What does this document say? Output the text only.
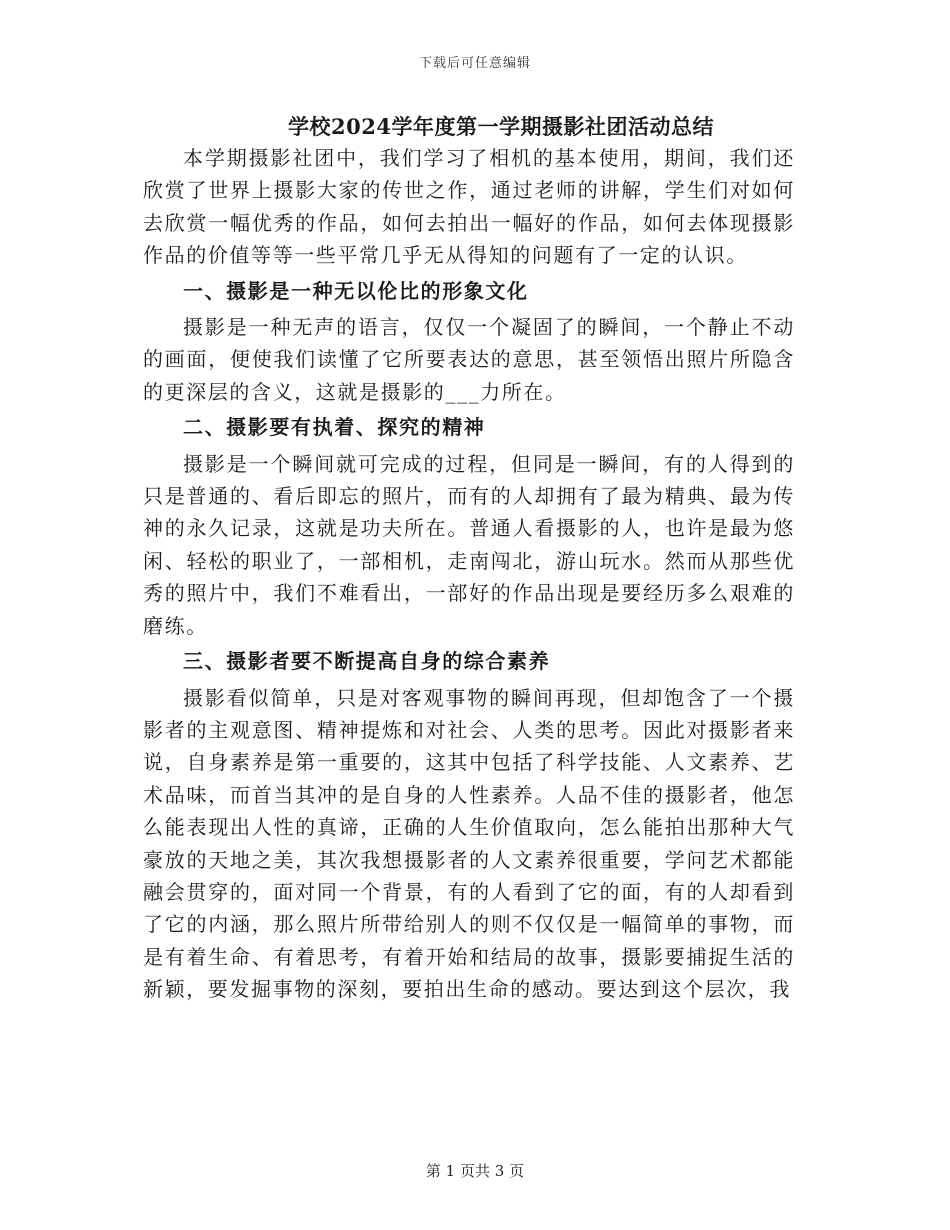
下载后可任意编辑
学校2024学年度第一学期摄影社团活动总结

本学期摄影社团中，我们学习了相机的基本使用，期间，我们还欣赏了世界上摄影大家的传世之作，通过老师的讲解，学生们对如何去欣赏一幅优秀的作品，如何去拍出一幅好的作品，如何去体现摄影作品的价值等等一些平常几乎无从得知的问题有了一定的认识。

一、摄影是一种无以伦比的形象文化

摄影是一种无声的语言，仅仅一个凝固了的瞬间，一个静止不动的画面，便使我们读懂了它所要表达的意思，甚至领悟出照片所隐含的更深层的含义，这就是摄影的___力所在。

二、摄影要有执着、探究的精神

摄影是一个瞬间就可完成的过程，但同是一瞬间，有的人得到的只是普通的、看后即忘的照片，而有的人却拥有了最为精典、最为传神的永久记录，这就是功夫所在。普通人看摄影的人，也许是最为悠闲、轻松的职业了，一部相机，走南闯北，游山玩水。然而从那些优秀的照片中，我们不难看出，一部好的作品出现是要经历多么艰难的磨练。

三、摄影者要不断提高自身的综合素养

摄影看似简单，只是对客观事物的瞬间再现，但却饱含了一个摄影者的主观意图、精神提炼和对社会、人类的思考。因此对摄影者来说，自身素养是第一重要的，这其中包括了科学技能、人文素养、艺术品味，而首当其冲的是自身的人性素养。人品不佳的摄影者，他怎么能表现出人性的真谛，正确的人生价值取向，怎么能拍出那种大气豪放的天地之美，其次我想摄影者的人文素养很重要，学问艺术都能融会贯穿的，面对同一个背景，有的人看到了它的面，有的人却看到了它的内涵，那么照片所带给别人的则不仅仅是一幅简单的事物，而是有着生命、有着思考，有着开始和结局的故事，摄影要捕捉生活的新颖，要发掘事物的深刻，要拍出生命的感动。要达到这个层次，我

第 1 页共 3 页
